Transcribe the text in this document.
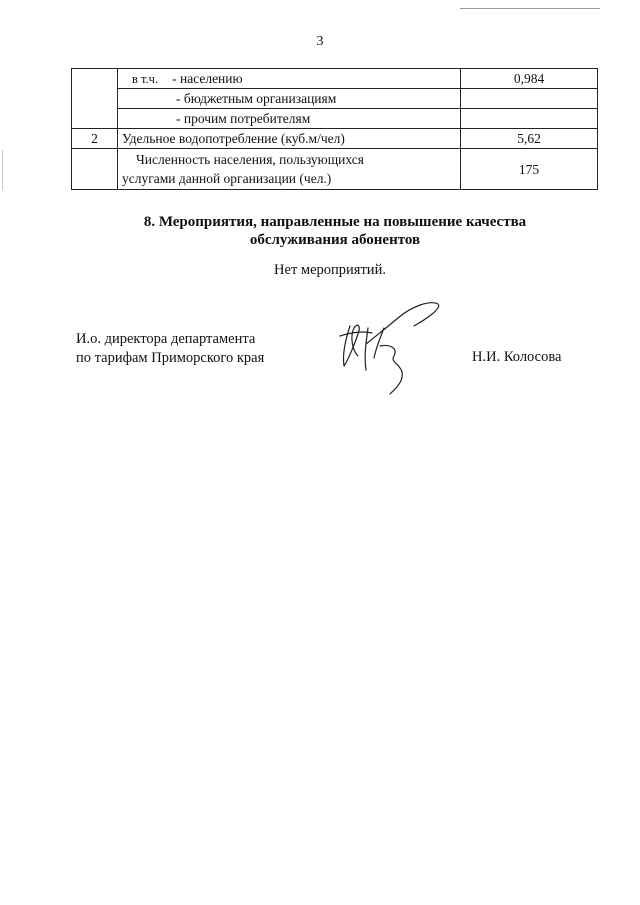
3
	в т.ч. - населению	0,984
	- бюджетным организациям	
	- прочим потребителям	
2	Удельное водопотребление (куб.м/чел)	5,62

	Численность населения, пользующихся
услугами данной организации (чел.)	175
8. Мероприятия, направленные на повышение качества
обслуживания абонентов
Нет мероприятий.
И.о. директора департамента
по тарифам Приморского края	Н.И. Колосова
